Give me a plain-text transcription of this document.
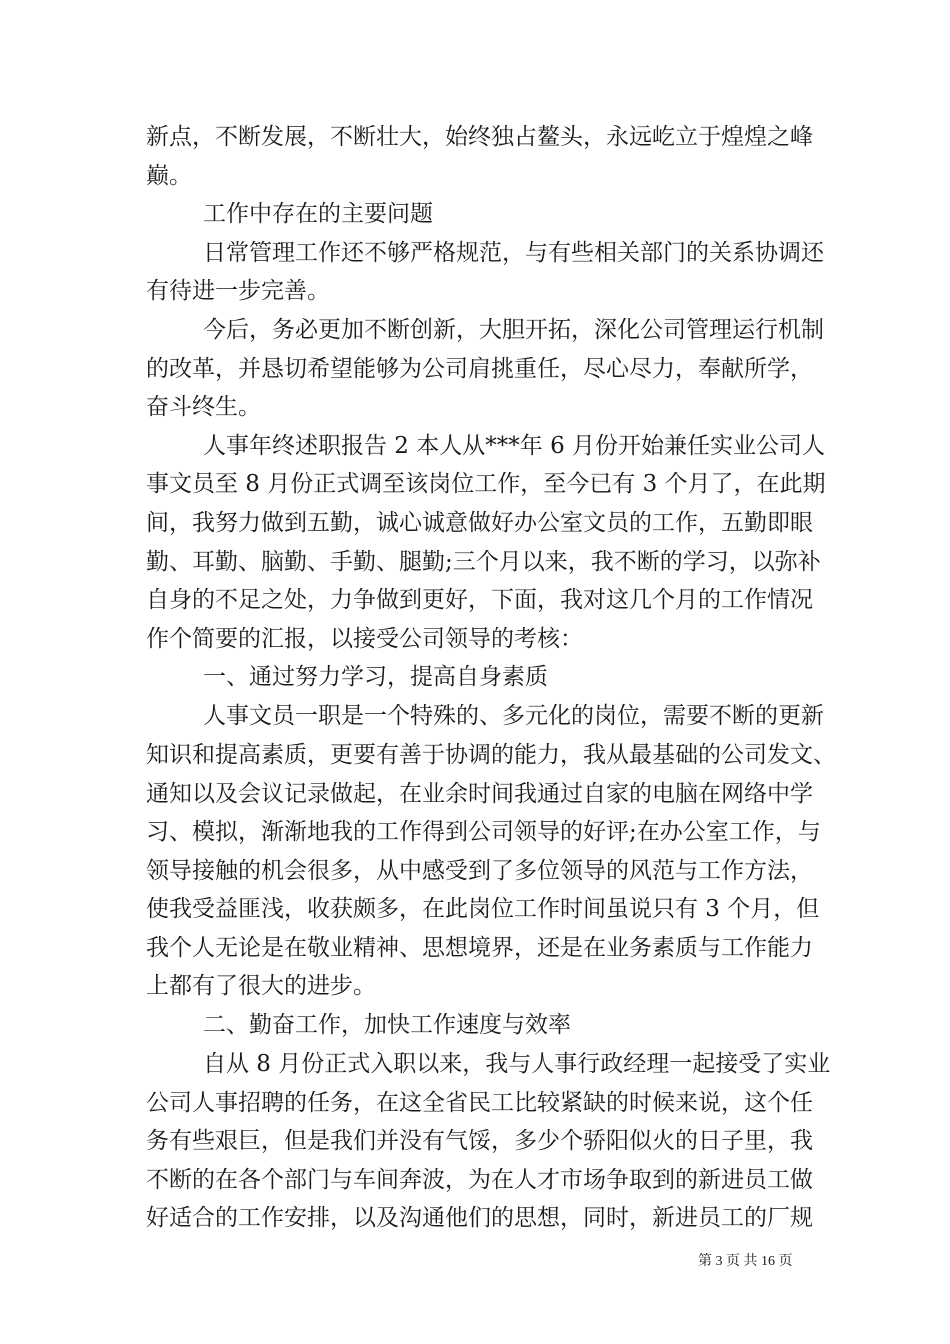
新点，不断发展，不断壮大，始终独占鳌头，永远屹立于煌煌之峰
巅。
工作中存在的主要问题
日常管理工作还不够严格规范，与有些相关部门的关系协调还
有待进一步完善。
今后，务必更加不断创新，大胆开拓，深化公司管理运行机制
的改革，并恳切希望能够为公司肩挑重任，尽心尽力，奉献所学，
奋斗终生。
人事年终述职报告 2 本人从***年 6 月份开始兼任实业公司人
事文员至 8 月份正式调至该岗位工作，至今已有 3 个月了，在此期
间，我努力做到五勤，诚心诚意做好办公室文员的工作，五勤即眼
勤、耳勤、脑勤、手勤、腿勤;三个月以来，我不断的学习，以弥补
自身的不足之处，力争做到更好，下面，我对这几个月的工作情况
作个简要的汇报，以接受公司领导的考核：
一、通过努力学习，提高自身素质
人事文员一职是一个特殊的、多元化的岗位，需要不断的更新
知识和提高素质，更要有善于协调的能力，我从最基础的公司发文、
通知以及会议记录做起，在业余时间我通过自家的电脑在网络中学
习、模拟，渐渐地我的工作得到公司领导的好评;在办公室工作，与
领导接触的机会很多，从中感受到了多位领导的风范与工作方法，
使我受益匪浅，收获颇多，在此岗位工作时间虽说只有 3 个月，但
我个人无论是在敬业精神、思想境界，还是在业务素质与工作能力
上都有了很大的进步。
二、勤奋工作，加快工作速度与效率
自从 8 月份正式入职以来，我与人事行政经理一起接受了实业
公司人事招聘的任务，在这全省民工比较紧缺的时候来说，这个任
务有些艰巨，但是我们并没有气馁，多少个骄阳似火的日子里，我
不断的在各个部门与车间奔波，为在人才市场争取到的新进员工做
好适合的工作安排，以及沟通他们的思想，同时，新进员工的厂规
第 3 页 共 16 页
